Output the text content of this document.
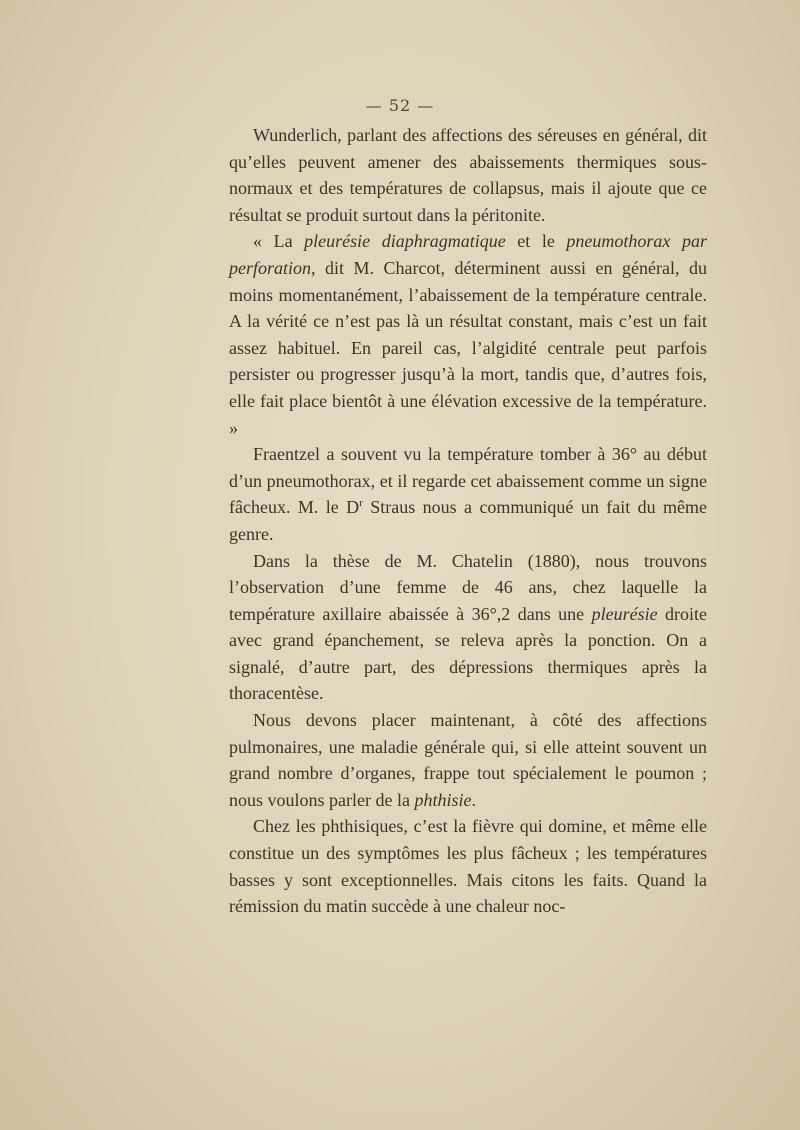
— 52 —

Wunderlich, parlant des affections des séreuses en général, dit qu’elles peuvent amener des abaissements thermiques sous-normaux et des températures de collapsus, mais il ajoute que ce résultat se produit surtout dans la péritonite.

« La pleurésie diaphragmatique et le pneumothorax par perforation, dit M. Charcot, déterminent aussi en général, du moins momentanément, l’abaissement de la température centrale. A la vérité ce n’est pas là un résultat constant, mais c’est un fait assez habituel. En pareil cas, l’algidité centrale peut parfois persister ou progresser jusqu’à la mort, tandis que, d’autres fois, elle fait place bientôt à une élévation excessive de la température. »

Fraentzel a souvent vu la température tomber à 36° au début d’un pneumothorax, et il regarde cet abaissement comme un signe fâcheux. M. le $D^r$ Straus nous a communiqué un fait du même genre.

Dans la thèse de M. Chatelin (1880), nous trouvons l’observation d’une femme de 46 ans, chez laquelle la température axillaire abaissée à 36°,2 dans une pleurésie droite avec grand épanchement, se releva après la ponction. On a signalé, d’autre part, des dépressions thermiques après la thoracentèse.

Nous devons placer maintenant, à côté des affections pulmonaires, une maladie générale qui, si elle atteint souvent un grand nombre d’organes, frappe tout spécialement le poumon ; nous voulons parler de la phthisie.

Chez les phthisiques, c’est la fièvre qui domine, et même elle constitue un des symptômes les plus fâcheux ; les températures basses y sont exceptionnelles. Mais citons les faits. Quand la rémission du matin succède à une chaleur noc-
